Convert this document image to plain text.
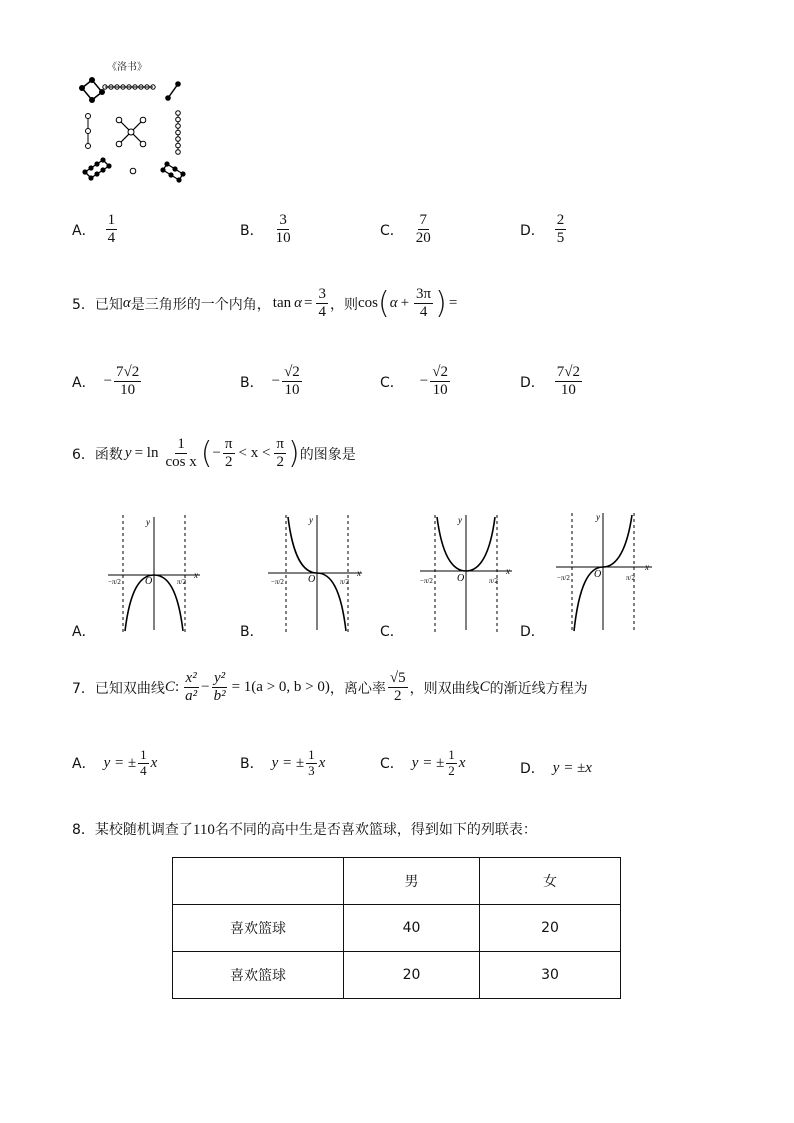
《洛书》
A． $\frac{1}{4}$	B． $\frac{3}{10}$	C． $\frac{7}{20}$	D． $\frac{2}{5}$
5． 已知 α 是三角形的一个内角， $\tan \alpha = \frac{3}{4}$ ，则 cos ( $\alpha + \frac{3\pi}{4}$ ) =
A． − $\frac{7√2}{10}$	B． − $\frac{√2}{10}$	C． − $\frac{√2}{10}$	D． $\frac{7√2}{10}$
6． 函数 $y = \ln \frac{1}{\text{cos x}}$ ( − $\frac{\pi}{2} < x < \frac{\pi}{2}$ ) 的图象是
y
x
O
−π/2	π/2
y
x
O
−π/2	π/2
y
x
O
−π/2	π/2
y
x
O
−π/2	π/2
A．	B．	C．	D．
7． 已知双曲线 C : $\frac{\text{x²}}{\text{a²}} - \frac{\text{y²}}{\text{b²}} = 1$ (a > 0, b > 0) ，离心率 $\frac{√5}{2}$ ，则双曲线 C 的渐近线方程为
A． y = ± $\frac{1}{4}$ x	B． y = ± $\frac{1}{3}$ x	C． y = ± $\frac{1}{2}$ x	D． y = ± x
8．某校随机调查了110名不同的高中生是否喜欢篮球，得到如下的列联表：
	男	女
喜欢篮球	40	20
喜欢篮球	20	30
